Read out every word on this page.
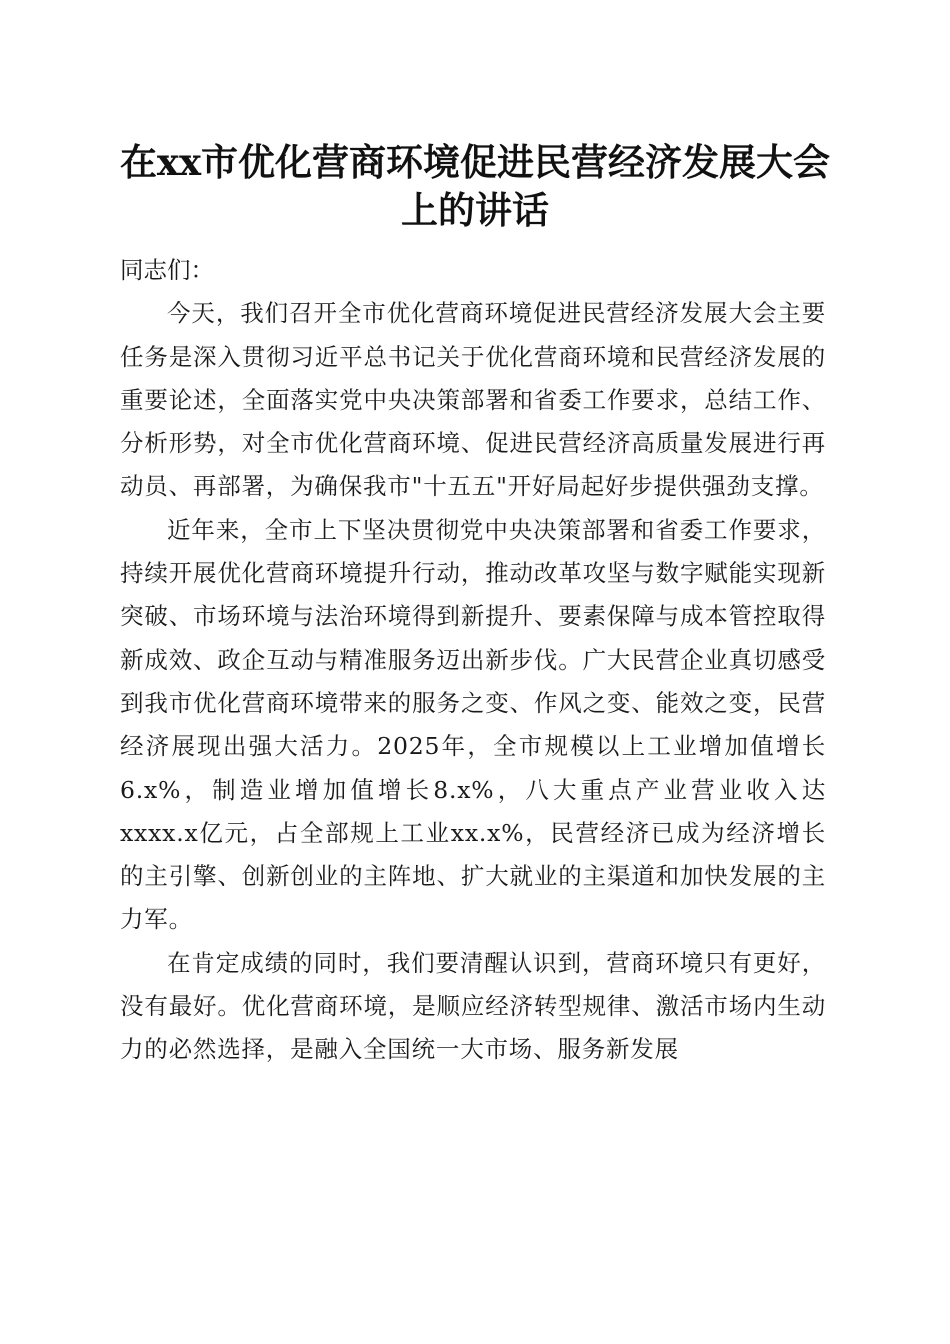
在xx市优化营商环境促进民营经济发展大会
上的讲话

同志们：

今天，我们召开全市优化营商环境促进民营经济发展大会主要任务是深入贯彻习近平总书记关于优化营商环境和民营经济发展的重要论述，全面落实党中央决策部署和省委工作要求，总结工作、分析形势，对全市优化营商环境、促进民营经济高质量发展进行再动员、再部署，为确保我市"十五五"开好局起好步提供强劲支撑。

近年来，全市上下坚决贯彻党中央决策部署和省委工作要求，持续开展优化营商环境提升行动，推动改革攻坚与数字赋能实现新突破、市场环境与法治环境得到新提升、要素保障与成本管控取得新成效、政企互动与精准服务迈出新步伐。广大民营企业真切感受到我市优化营商环境带来的服务之变、作风之变、能效之变，民营经济展现出强大活力。2025年，全市规模以上工业增加值增长6.x%，制造业增加值增长8.x%，八大重点产业营业收入达xxxx.x亿元，占全部规上工业xx.x%，民营经济已成为经济增长的主引擎、创新创业的主阵地、扩大就业的主渠道和加快发展的主力军。

在肯定成绩的同时，我们要清醒认识到，营商环境只有更好，没有最好。优化营商环境，是顺应经济转型规律、激活市场内生动力的必然选择，是融入全国统一大市场、服务新发展
